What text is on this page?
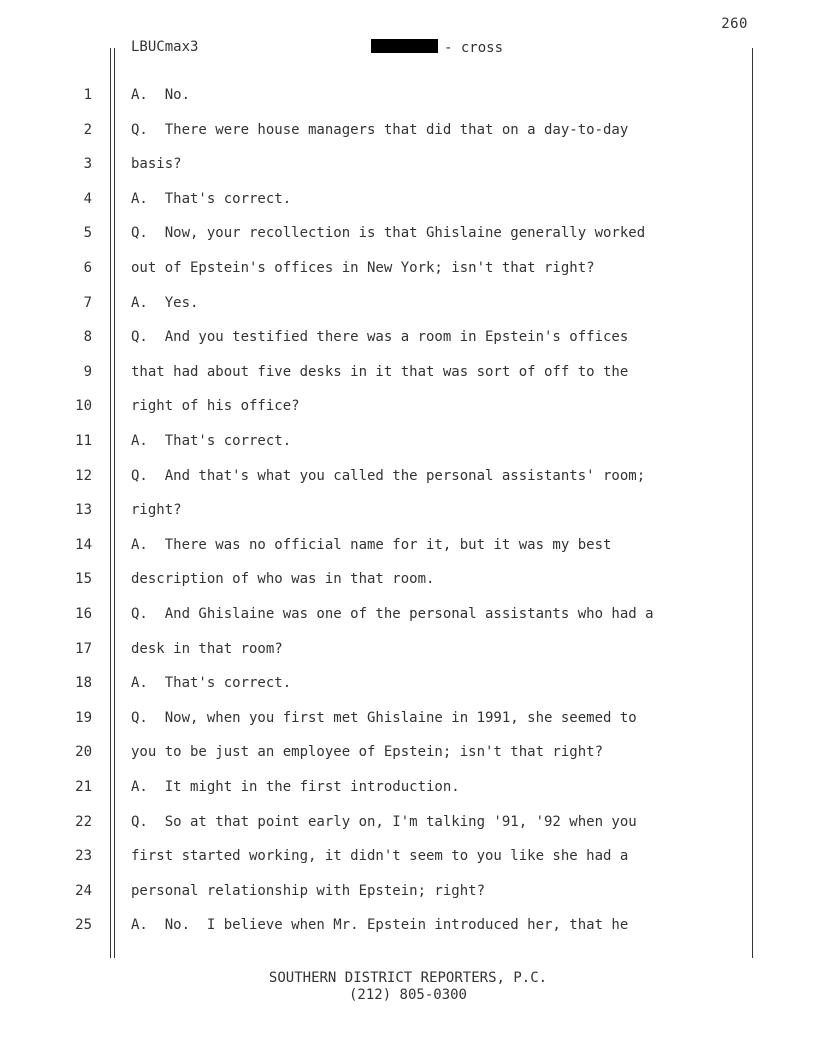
260
LBUCmax3	- cross
1	A.  No.
2	Q.  There were house managers that did that on a day-to-day
3	basis?
4	A.  That's correct.
5	Q.  Now, your recollection is that Ghislaine generally worked
6	out of Epstein's offices in New York; isn't that right?
7	A.  Yes.
8	Q.  And you testified there was a room in Epstein's offices
9	that had about five desks in it that was sort of off to the
10	right of his office?
11	A.  That's correct.
12	Q.  And that's what you called the personal assistants' room;
13	right?
14	A.  There was no official name for it, but it was my best
15	description of who was in that room.
16	Q.  And Ghislaine was one of the personal assistants who had a
17	desk in that room?
18	A.  That's correct.
19	Q.  Now, when you first met Ghislaine in 1991, she seemed to
20	you to be just an employee of Epstein; isn't that right?
21	A.  It might in the first introduction.
22	Q.  So at that point early on, I'm talking '91, '92 when you
23	first started working, it didn't seem to you like she had a
24	personal relationship with Epstein; right?
25	A.  No.  I believe when Mr. Epstein introduced her, that he
SOUTHERN DISTRICT REPORTERS, P.C.
(212) 805-0300
